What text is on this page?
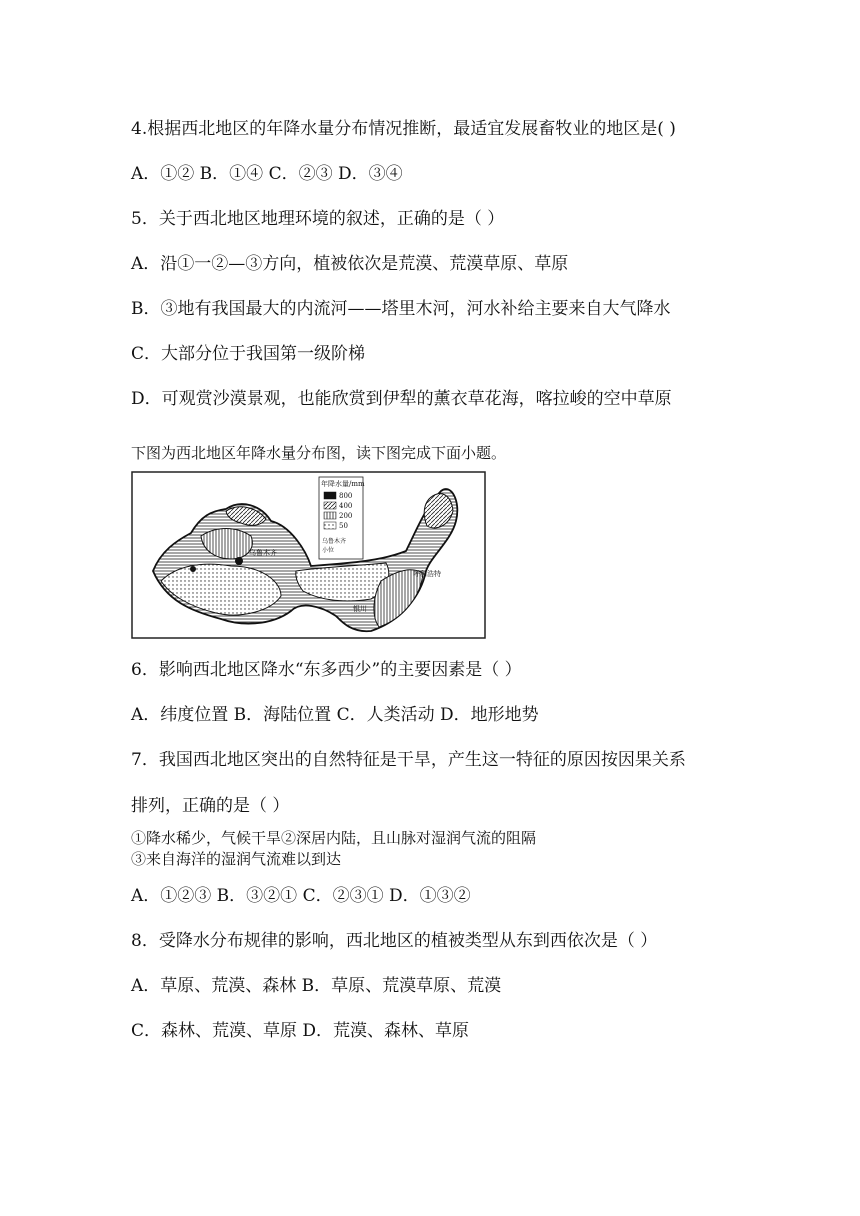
4.根据西北地区的年降水量分布情况推断，最适宜发展畜牧业的地区是( )
A．①② B．①④ C．②③ D．③④
5．关于西北地区地理环境的叙述，正确的是（ ）
A．沿①一②—③方向，植被依次是荒漠、荒漠草原、草原
B．③地有我国最大的内流河——塔里木河，河水补给主要来自大气降水
C．大部分位于我国第一级阶梯
D．可观赏沙漠景观，也能欣赏到伊犁的薰衣草花海，喀拉峻的空中草原
下图为西北地区年降水量分布图，读下图完成下面小题。
乌鲁木齐
呼和浩特
银川
年降水量/mm
800
400
200
50
乌鲁木齐
小位
6．影响西北地区降水“东多西少”的主要因素是（ ）
A．纬度位置 B．海陆位置 C．人类活动 D．地形地势
7．我国西北地区突出的自然特征是干旱，产生这一特征的原因按因果关系
排列，正确的是（ ）
①降水稀少，气候干旱②深居内陆，且山脉对湿润气流的阻隔
③来自海洋的湿润气流难以到达
A．①②③ B．③②① C．②③① D．①③②
8．受降水分布规律的影响，西北地区的植被类型从东到西依次是（ ）
A．草原、荒漠、森林 B．草原、荒漠草原、荒漠
C．森林、荒漠、草原 D．荒漠、森林、草原
